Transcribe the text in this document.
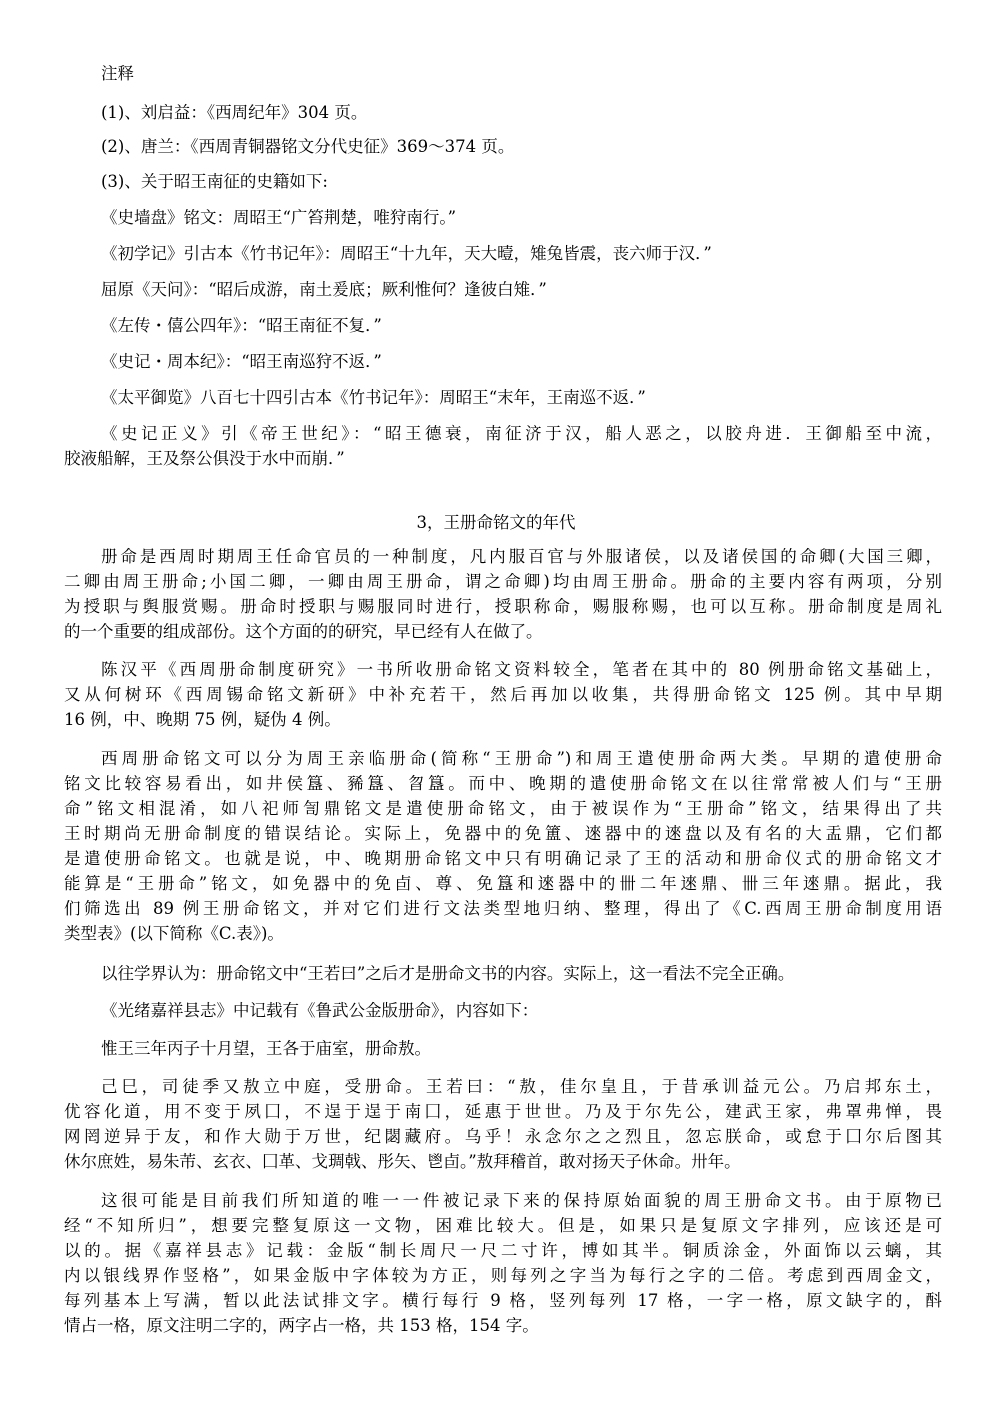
注释
(1)、刘启益：《西周纪年》304 页。
(2)、唐兰：《西周青铜器铭文分代史征》369～374 页。
(3)、关于昭王南征的史籍如下:
《史墙盘》铭文：周昭王“广笞荆楚，唯狩南行。”
《初学记》引古本《竹书记年》：周昭王“十九年，天大曀，雉兔皆震，丧六师于汉．”
屈原《天问》：“昭后成游，南土爰底；厥利惟何？逢彼白雉．”
《左传・僖公四年》：“昭王南征不复．”
《史记・周本纪》：“昭王南巡狩不返．”
《太平御览》八百七十四引古本《竹书记年》：周昭王“末年，王南巡不返．”
《史记正义》引《帝王世纪》：“昭王德衰，南征济于汉，船人恶之，以胶舟进．王御船至中流，
胶液船解，王及祭公俱没于水中而崩．”
3，王册命铭文的年代
册命是西周时期周王任命官员的一种制度，凡内服百官与外服诸侯，以及诸侯国的命卿(大国三卿，
二卿由周王册命;小国二卿，一卿由周王册命，谓之命卿)均由周王册命。册命的主要内容有两项，分别
为授职与舆服赏赐。册命时授职与赐服同时进行，授职称命，赐服称赐，也可以互称。册命制度是周礼
的一个重要的组成部份。这个方面的的研究，早已经有人在做了。
陈汉平《西周册命制度研究》一书所收册命铭文资料较全，笔者在其中的 80 例册命铭文基础上，
又从何树环《西周锡命铭文新研》中补充若干，然后再加以收集，共得册命铭文 125 例。其中早期
16 例，中、晚期 75 例，疑伪 4 例。
西周册命铭文可以分为周王亲临册命(简称“王册命”)和周王遣使册命两大类。早期的遣使册命
铭文比较容易看出，如井侯簋、豨簋、曶簋。而中、晚期的遣使册命铭文在以往常常被人们与“王册
命”铭文相混淆，如八祀师訇鼎铭文是遣使册命铭文，由于被误作为“王册命”铭文，结果得出了共
王时期尚无册命制度的错误结论。实际上，免器中的免簠、逨器中的逨盘以及有名的大盂鼎，它们都
是遣使册命铭文。也就是说，中、晚期册命铭文中只有明确记录了王的活动和册命仪式的册命铭文才
能算是“王册命”铭文，如免器中的免卣、尊、免簋和逨器中的卌二年逨鼎、卌三年逨鼎。据此，我
们筛选出 89 例王册命铭文，并对它们进行文法类型地归纳、整理，得出了《C.西周王册命制度用语
类型表》(以下简称《C.表》)。
以往学界认为：册命铭文中“王若曰”之后才是册命文书的内容。实际上，这一看法不完全正确。
《光绪嘉祥县志》中记载有《鲁武公金版册命》，内容如下：
惟王三年丙子十月望，王各于庙室，册命敖。
己巳，司徒季又敖立中庭，受册命。王若曰：“敖，佳尔皇且，于昔承训益元公。乃启邦东土，
优容化道，用不变于夙囗，不逞于逞于南囗，延惠于世世。乃及于尔先公，建武王家，弗罩弗惮，畏
网罔逆异于友，和作大勋于万世，纪閟藏府。乌乎！永念尔之之烈且，忽忘朕命，或怠于囗尔后图其
休尔庶姓，易朱芾、玄衣、囗革、戈琱戟、彤矢、鬯卣。”敖拜稽首，敢对扬天子休命。卅年。
这很可能是目前我们所知道的唯一一件被记录下来的保持原始面貌的周王册命文书。由于原物已
经“不知所归”，想要完整复原这一文物，困难比较大。但是，如果只是复原文字排列，应该还是可
以的。据《嘉祥县志》记载：金版“制长周尺一尺二寸许，博如其半。铜质涂金，外面饰以云螭，其
内以银线界作竖格”，如果金版中字体较为方正，则每列之字当为每行之字的二倍。考虑到西周金文，
每列基本上写满，暂以此法试排文字。横行每行 9 格，竖列每列 17 格，一字一格，原文缺字的，酙
情占一格，原文注明二字的，两字占一格，共 153 格，154 字。
